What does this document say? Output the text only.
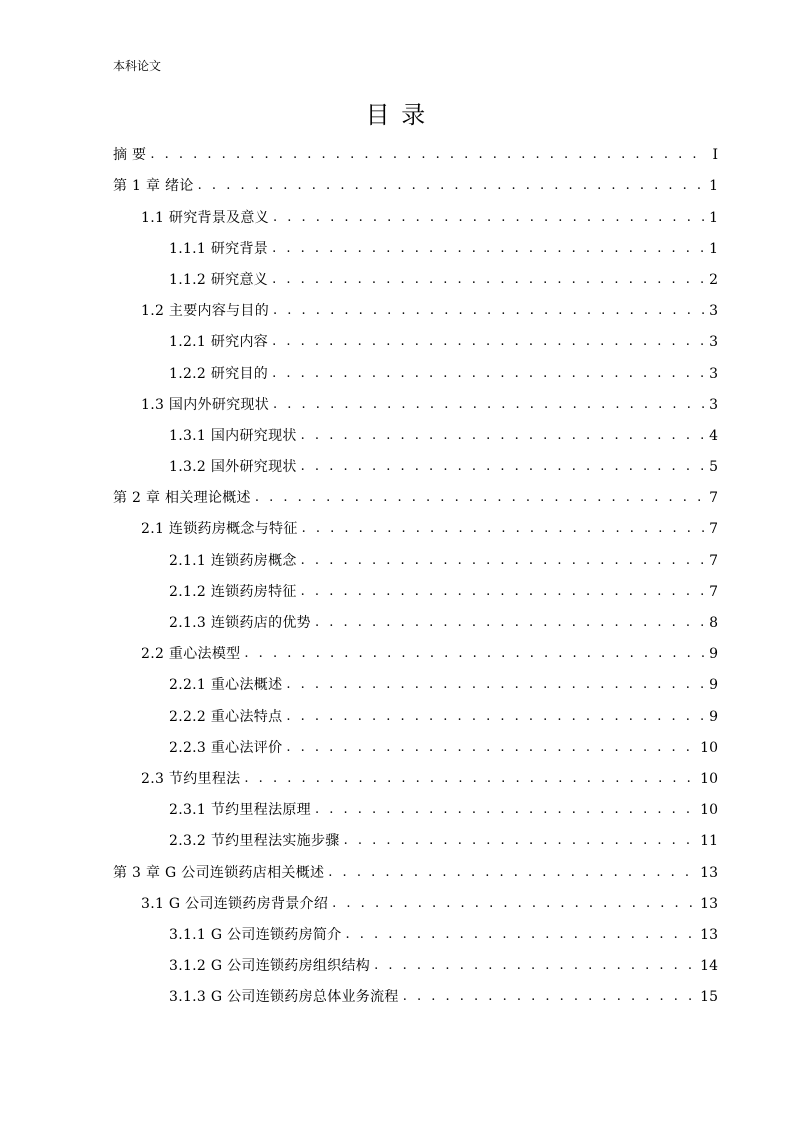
本科论文
目 录
摘 要 . . .	I
第 1 章 绪论 . . .	1
1.1 研究背景及意义 . . .	1
1.1.1 研究背景 . . .	1
1.1.2 研究意义 . . .	2
1.2 主要内容与目的 . . .	3
1.2.1 研究内容 . . .	3
1.2.2 研究目的 . . .	3
1.3 国内外研究现状 . . .	3
1.3.1 国内研究现状 . . .	4
1.3.2 国外研究现状 . . .	5
第 2 章 相关理论概述 . . .	7
2.1 连锁药房概念与特征 . . .	7
2.1.1 连锁药房概念 . . .	7
2.1.2 连锁药房特征 . . .	7
2.1.3 连锁药店的优势 . . .	8
2.2 重心法模型 . . .	9
2.2.1 重心法概述 . . .	9
2.2.2 重心法特点 . . .	9
2.2.3 重心法评价 . . .	10
2.3 节约里程法 . . .	10
2.3.1 节约里程法原理 . . .	10
2.3.2 节约里程法实施步骤 . . .	11
第 3 章 G 公司连锁药店相关概述 . . .	13
3.1 G 公司连锁药房背景介绍 . . .	13
3.1.1 G 公司连锁药房简介 . . .	13
3.1.2 G 公司连锁药房组织结构 . . .	14
3.1.3 G 公司连锁药房总体业务流程 . . .	15
